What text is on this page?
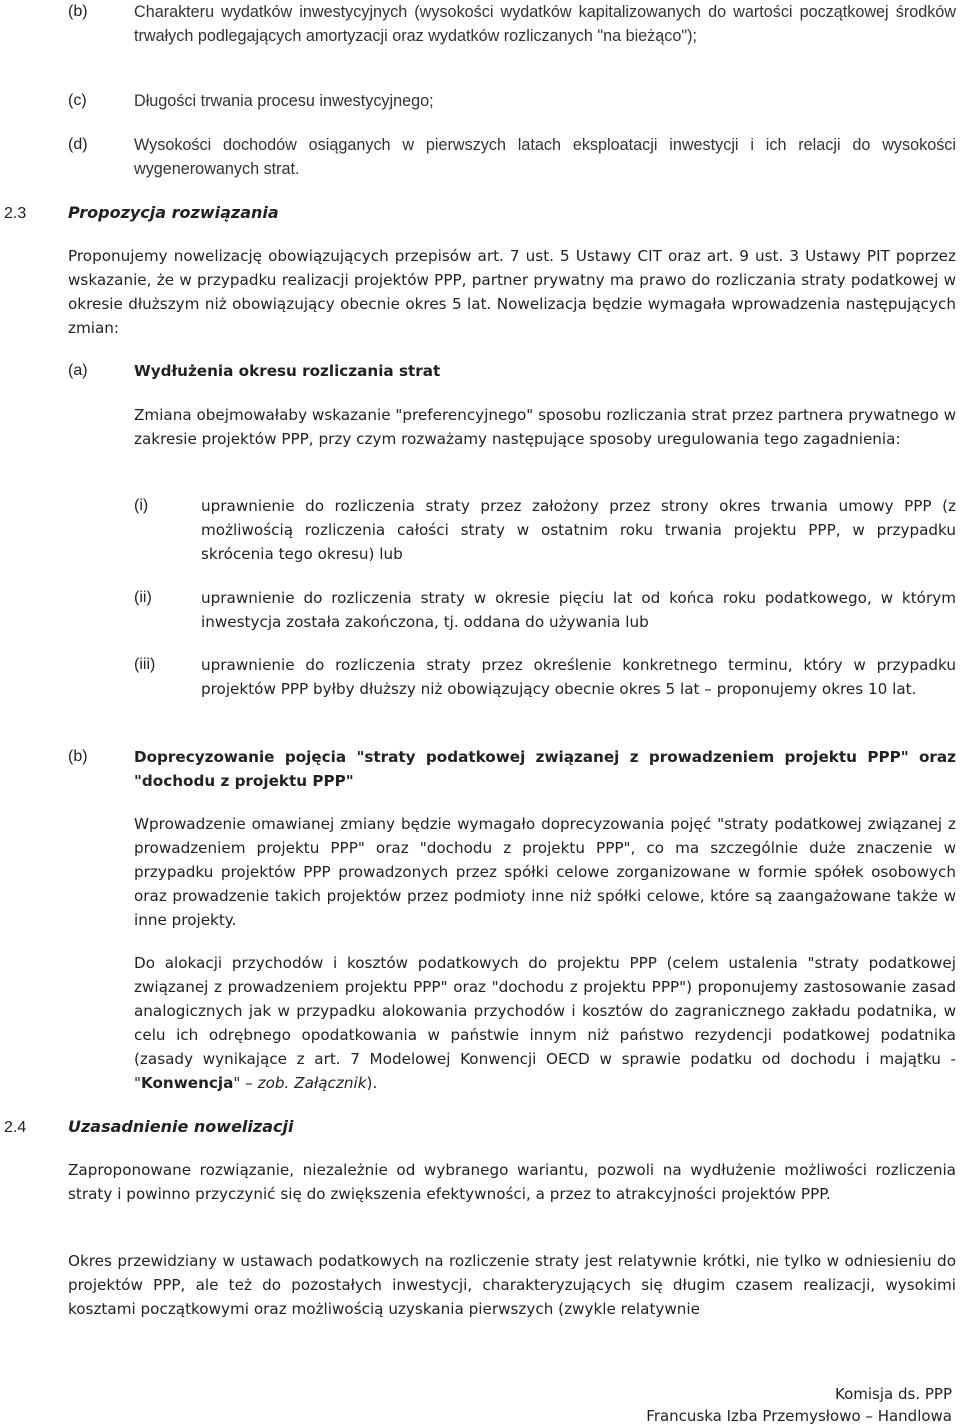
(b)	Charakteru wydatków inwestycyjnych (wysokości wydatków kapitalizowanych do wartości początkowej środków trwałych podlegających amortyzacji oraz wydatków rozliczanych "na bieżąco");
(c)	Długości trwania procesu inwestycyjnego;
(d)	Wysokości dochodów osiąganych w pierwszych latach eksploatacji inwestycji i ich relacji do wysokości wygenerowanych strat.
2.3	Propozycja rozwiązania
Proponujemy nowelizację obowiązujących przepisów art. 7 ust. 5 Ustawy CIT oraz art. 9 ust. 3 Ustawy PIT poprzez wskazanie, że w przypadku realizacji projektów PPP, partner prywatny ma prawo do rozliczania straty podatkowej w okresie dłuższym niż obowiązujący obecnie okres 5 lat. Nowelizacja będzie wymagała wprowadzenia następujących zmian:
(a)	Wydłużenia okresu rozliczania strat
Zmiana obejmowałaby wskazanie "preferencyjnego" sposobu rozliczania strat przez partnera prywatnego w zakresie projektów PPP, przy czym rozważamy następujące sposoby uregulowania tego zagadnienia:
(i)	uprawnienie do rozliczenia straty przez założony przez strony okres trwania umowy PPP (z możliwością rozliczenia całości straty w ostatnim roku trwania projektu PPP, w przypadku skrócenia tego okresu) lub
(ii)	uprawnienie do rozliczenia straty w okresie pięciu lat od końca roku podatkowego, w którym inwestycja została zakończona, tj. oddana do używania lub
(iii)	uprawnienie do rozliczenia straty przez określenie konkretnego terminu, który w przypadku projektów PPP byłby dłuższy niż obowiązujący obecnie okres 5 lat – proponujemy okres 10 lat.
(b)	Doprecyzowanie pojęcia "straty podatkowej związanej z prowadzeniem projektu PPP" oraz "dochodu z projektu PPP"
Wprowadzenie omawianej zmiany będzie wymagało doprecyzowania pojęć "straty podatkowej związanej z prowadzeniem projektu PPP" oraz "dochodu z projektu PPP", co ma szczególnie duże znaczenie w przypadku projektów PPP prowadzonych przez spółki celowe zorganizowane w formie spółek osobowych oraz prowadzenie takich projektów przez podmioty inne niż spółki celowe, które są zaangażowane także w inne projekty.
Do alokacji przychodów i kosztów podatkowych do projektu PPP (celem ustalenia "straty podatkowej związanej z prowadzeniem projektu PPP" oraz "dochodu z projektu PPP") proponujemy zastosowanie zasad analogicznych jak w przypadku alokowania przychodów i kosztów do zagranicznego zakładu podatnika, w celu ich odrębnego opodatkowania w państwie innym niż państwo rezydencji podatkowej podatnika (zasady wynikające z art. 7 Modelowej Konwencji OECD w sprawie podatku od dochodu i majątku - "Konwencja" – zob. Załącznik).
2.4	Uzasadnienie nowelizacji
Zaproponowane rozwiązanie, niezależnie od wybranego wariantu, pozwoli na wydłużenie możliwości rozliczenia straty i powinno przyczynić się do zwiększenia efektywności, a przez to atrakcyjności projektów PPP.
Okres przewidziany w ustawach podatkowych na rozliczenie straty jest relatywnie krótki, nie tylko w odniesieniu do projektów PPP, ale też do pozostałych inwestycji, charakteryzujących się długim czasem realizacji, wysokimi kosztami początkowymi oraz możliwością uzyskania pierwszych (zwykle relatywnie
Komisja ds. PPP
Francuska Izba Przemysłowo – Handlowa
